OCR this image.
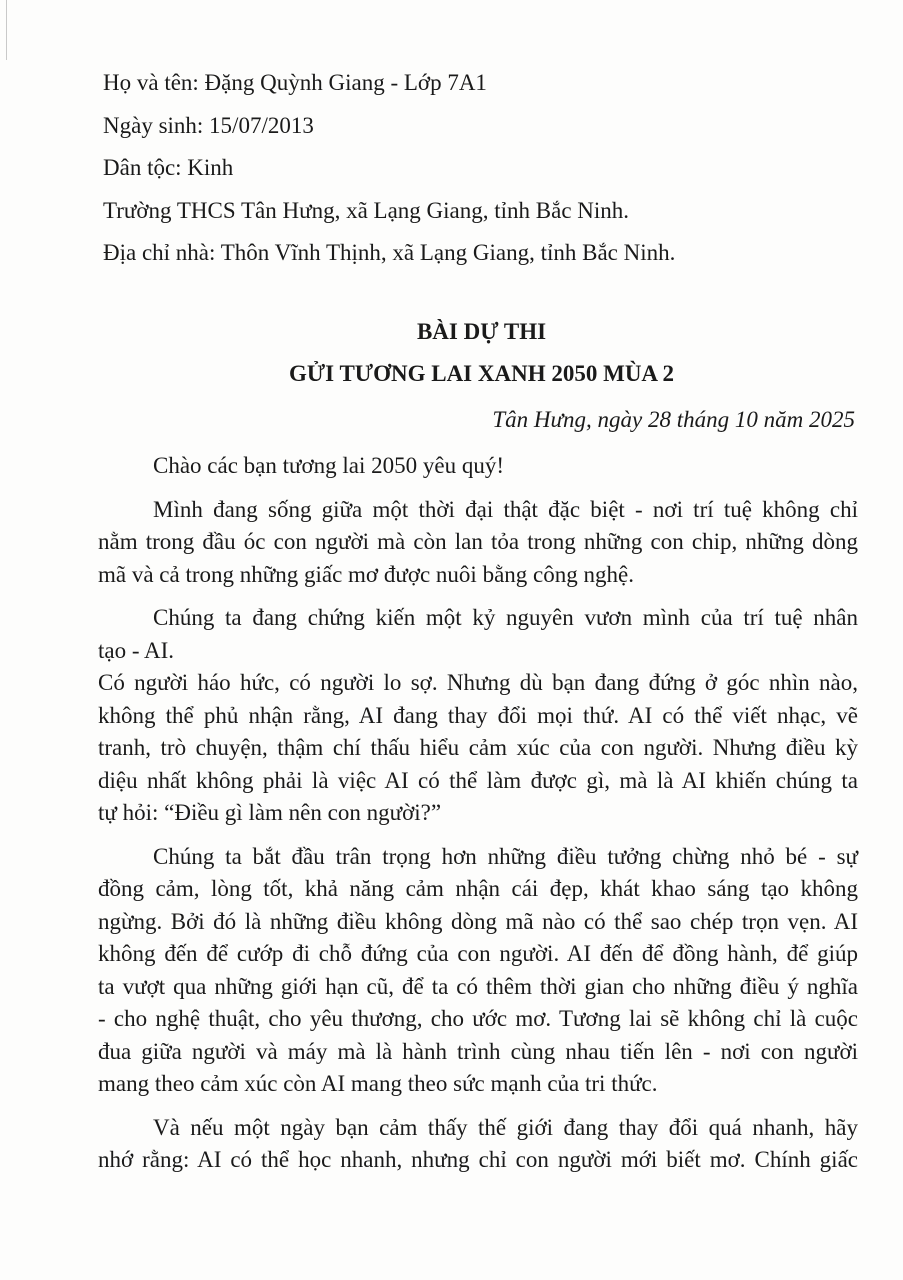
Họ và tên: Đặng Quỳnh Giang - Lớp 7A1
Ngày sinh: 15/07/2013
Dân tộc: Kinh
Trường THCS Tân Hưng, xã Lạng Giang, tỉnh Bắc Ninh.
Địa chỉ nhà: Thôn Vĩnh Thịnh, xã Lạng Giang, tỉnh Bắc Ninh.
BÀI DỰ THI
GỬI TƯƠNG LAI XANH 2050 MÙA 2
Tân Hưng, ngày 28 tháng 10 năm 2025
Chào các bạn tương lai 2050 yêu quý!
Mình đang sống giữa một thời đại thật đặc biệt - nơi trí tuệ không chỉ
nằm trong đầu óc con người mà còn lan tỏa trong những con chip, những dòng
mã và cả trong những giấc mơ được nuôi bằng công nghệ.
Chúng ta đang chứng kiến một kỷ nguyên vươn mình của trí tuệ nhân
tạo - AI.
Có người háo hức, có người lo sợ. Nhưng dù bạn đang đứng ở góc nhìn nào,
không thể phủ nhận rằng, AI đang thay đổi mọi thứ. AI có thể viết nhạc, vẽ
tranh, trò chuyện, thậm chí thấu hiểu cảm xúc của con người. Nhưng điều kỳ
diệu nhất không phải là việc AI có thể làm được gì, mà là AI khiến chúng ta
tự hỏi: “Điều gì làm nên con người?”
Chúng ta bắt đầu trân trọng hơn những điều tưởng chừng nhỏ bé - sự
đồng cảm, lòng tốt, khả năng cảm nhận cái đẹp, khát khao sáng tạo không
ngừng. Bởi đó là những điều không dòng mã nào có thể sao chép trọn vẹn. AI
không đến để cướp đi chỗ đứng của con người. AI đến để đồng hành, để giúp
ta vượt qua những giới hạn cũ, để ta có thêm thời gian cho những điều ý nghĩa
- cho nghệ thuật, cho yêu thương, cho ước mơ. Tương lai sẽ không chỉ là cuộc
đua giữa người và máy mà là hành trình cùng nhau tiến lên - nơi con người
mang theo cảm xúc còn AI mang theo sức mạnh của tri thức.
Và nếu một ngày bạn cảm thấy thế giới đang thay đổi quá nhanh, hãy
nhớ rằng: AI có thể học nhanh, nhưng chỉ con người mới biết mơ. Chính giấc
